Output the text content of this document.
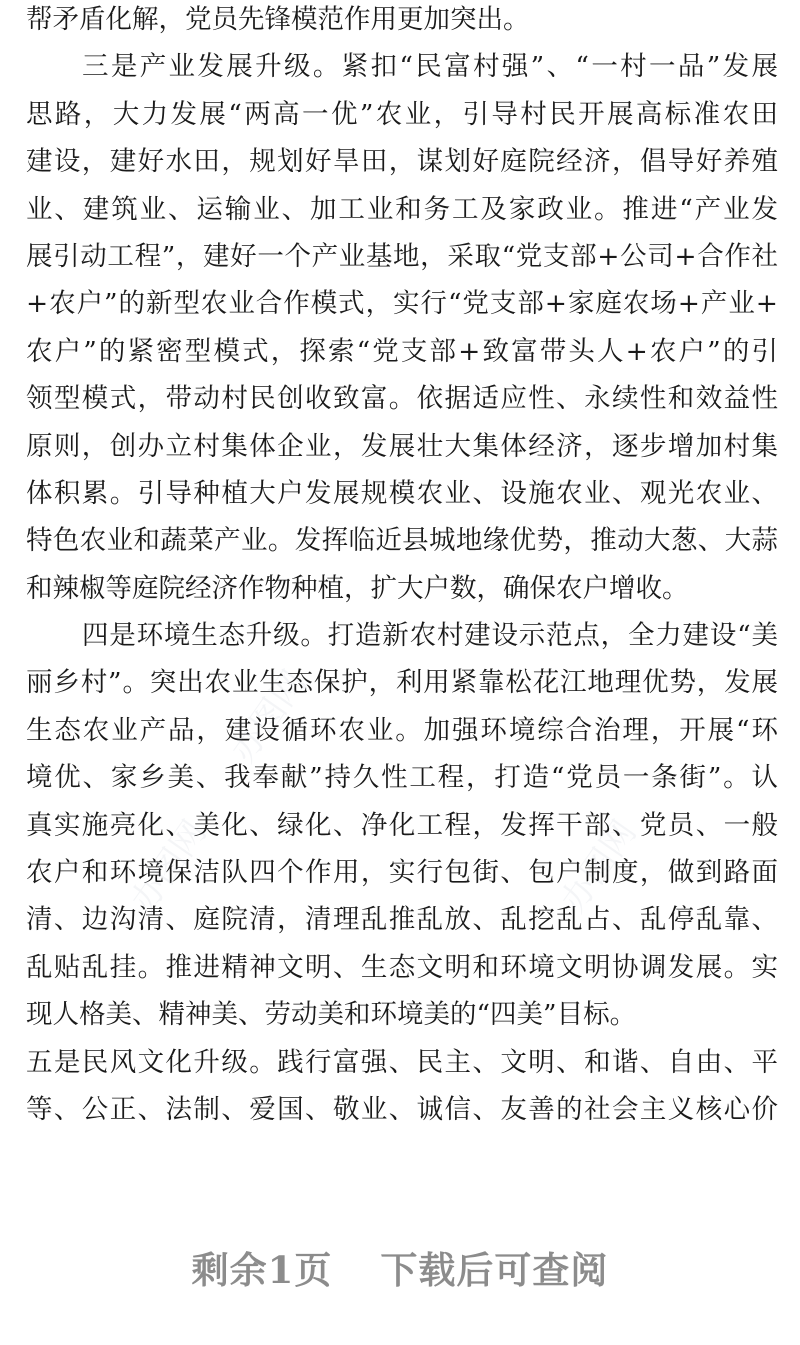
帮矛盾化解，党员先锋模范作用更加突出。
三是产业发展升级。紧扣“民富村强”、“一村一品”发展
思路，大力发展“两高一优”农业，引导村民开展高标准农田
建设，建好水田，规划好旱田，谋划好庭院经济，倡导好养殖
业、建筑业、运输业、加工业和务工及家政业。推进“产业发
展引动工程”，建好一个产业基地，采取“党支部+公司+合作社
+农户”的新型农业合作模式，实行“党支部+家庭农场+产业+
农户”的紧密型模式，探索“党支部+致富带头人+农户”的引
领型模式，带动村民创收致富。依据适应性、永续性和效益性
原则，创办立村集体企业，发展壮大集体经济，逐步增加村集
体积累。引导种植大户发展规模农业、设施农业、观光农业、
特色农业和蔬菜产业。发挥临近县城地缘优势，推动大葱、大蒜
和辣椒等庭院经济作物种植，扩大户数，确保农户增收。
四是环境生态升级。打造新农村建设示范点，全力建设“美
丽乡村”。突出农业生态保护，利用紧靠松花江地理优势，发展
生态农业产品，建设循环农业。加强环境综合治理，开展“环
境优、家乡美、我奉献”持久性工程，打造“党员一条街”。认
真实施亮化、美化、绿化、净化工程，发挥干部、党员、一般
农户和环境保洁队四个作用，实行包街、包户制度，做到路面
清、边沟清、庭院清，清理乱推乱放、乱挖乱占、乱停乱靠、
乱贴乱挂。推进精神文明、生态文明和环境文明协调发展。实
现人格美、精神美、劳动美和环境美的“四美”目标。
五是民风文化升级。践行富强、民主、文明、和谐、自由、平
等、公正、法制、爱国、敬业、诚信、友善的社会主义核心价
办图网
办图网	办图网
剩余1页 下载后可查阅
